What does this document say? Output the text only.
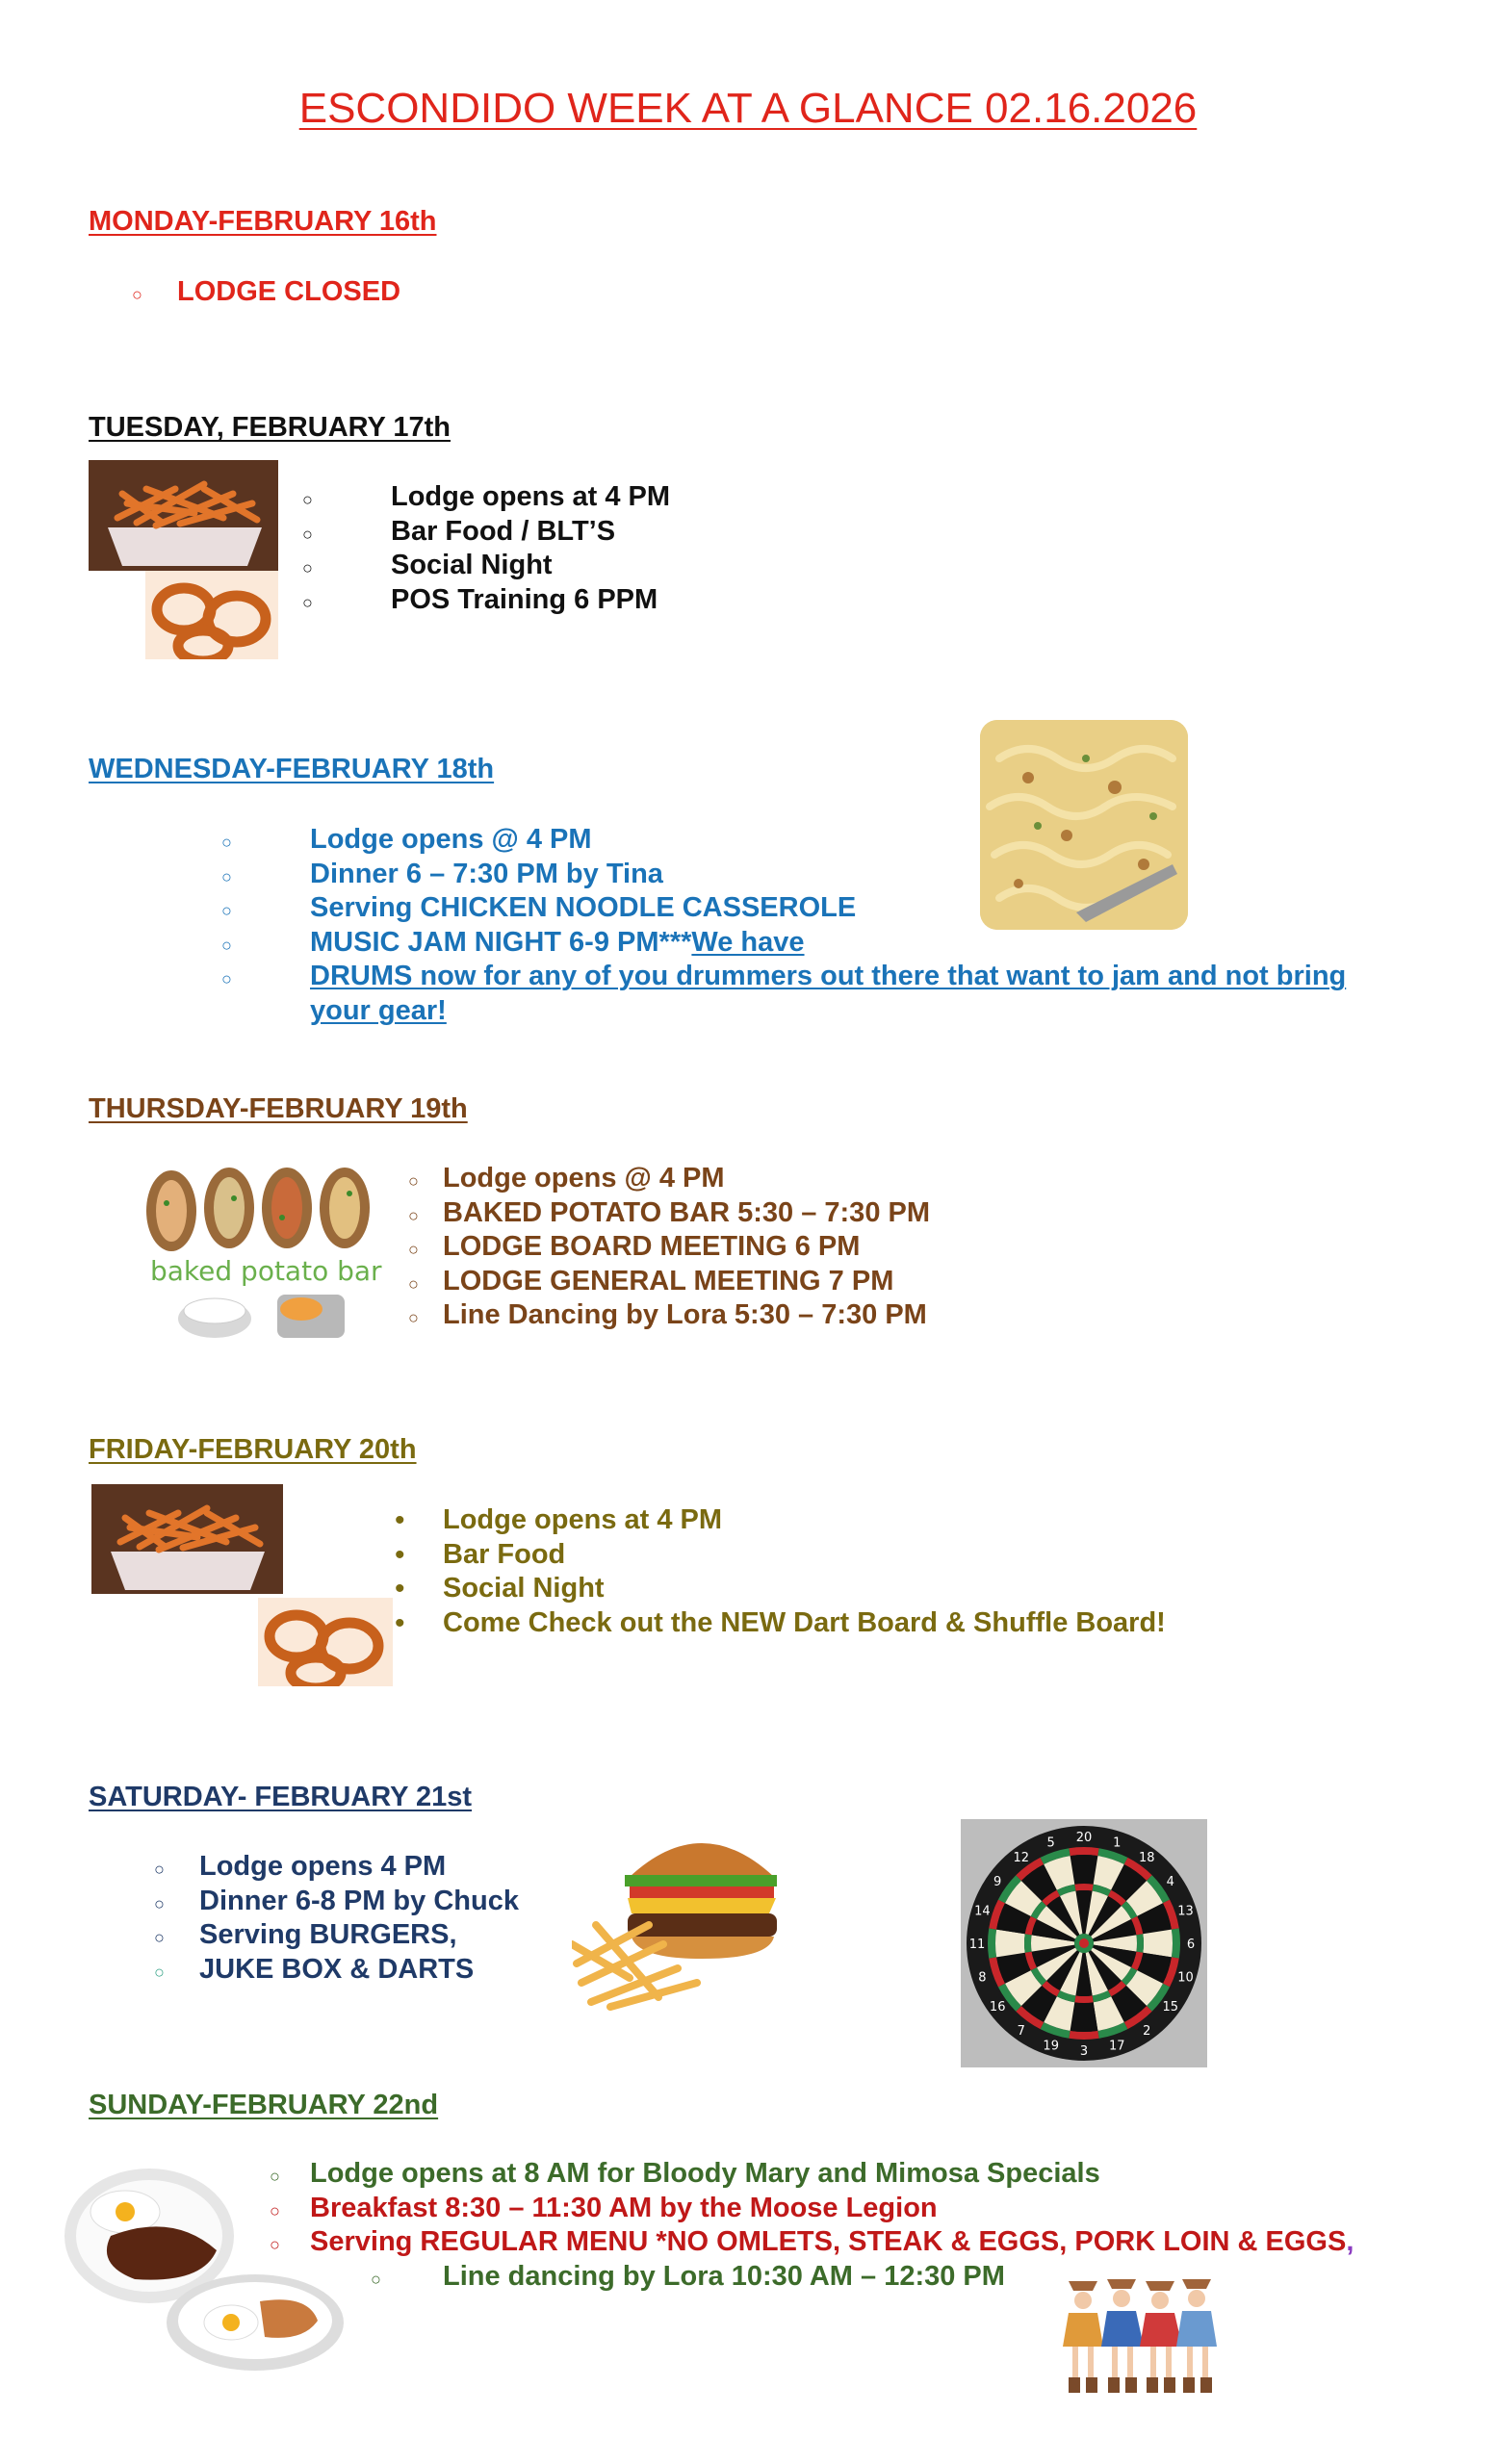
ESCONDIDO WEEK AT A GLANCE 02.16.2026
MONDAY-FEBRUARY 16th
○
LODGE CLOSED
TUESDAY, FEBRUARY 17th
○
Lodge opens at 4 PM
○
Bar Food / BLT’S
○
Social Night
○
POS Training 6 PPM
WEDNESDAY-FEBRUARY 18th
○
Lodge opens @ 4 PM
○
Dinner 6 – 7:30 PM by Tina
○
Serving CHICKEN NOODLE CASSEROLE
○
MUSIC JAM NIGHT 6-9 PM***We have
○
DRUMS now for any of you drummers out there that want to jam and not bring
your gear!
THURSDAY-FEBRUARY 19th
baked potato bar
○
Lodge opens @ 4 PM
○
BAKED POTATO BAR 5:30 – 7:30 PM
○
LODGE BOARD MEETING 6 PM
○
LODGE GENERAL MEETING 7 PM
○
Line Dancing by Lora 5:30 – 7:30 PM
FRIDAY-FEBRUARY 20th
•
Lodge opens at 4 PM
•
Bar Food
•
Social Night
•
Come Check out the NEW Dart Board & Shuffle Board!
SATURDAY- FEBRUARY 21st
20 1
18
4
13
6
10
15
2
17
3
19
7
16
8
11
14
9
12
5
○
Lodge opens 4 PM
○
Dinner 6-8 PM by Chuck
○
Serving BURGERS,
○
JUKE BOX & DARTS
SUNDAY-FEBRUARY 22nd
○
Lodge opens at 8 AM for Bloody Mary and Mimosa Specials
○
Breakfast 8:30 – 11:30 AM by the Moose Legion
○
Serving REGULAR MENU *NO OMLETS, STEAK & EGGS, PORK LOIN & EGGS,
○
Line dancing by Lora 10:30 AM – 12:30 PM
